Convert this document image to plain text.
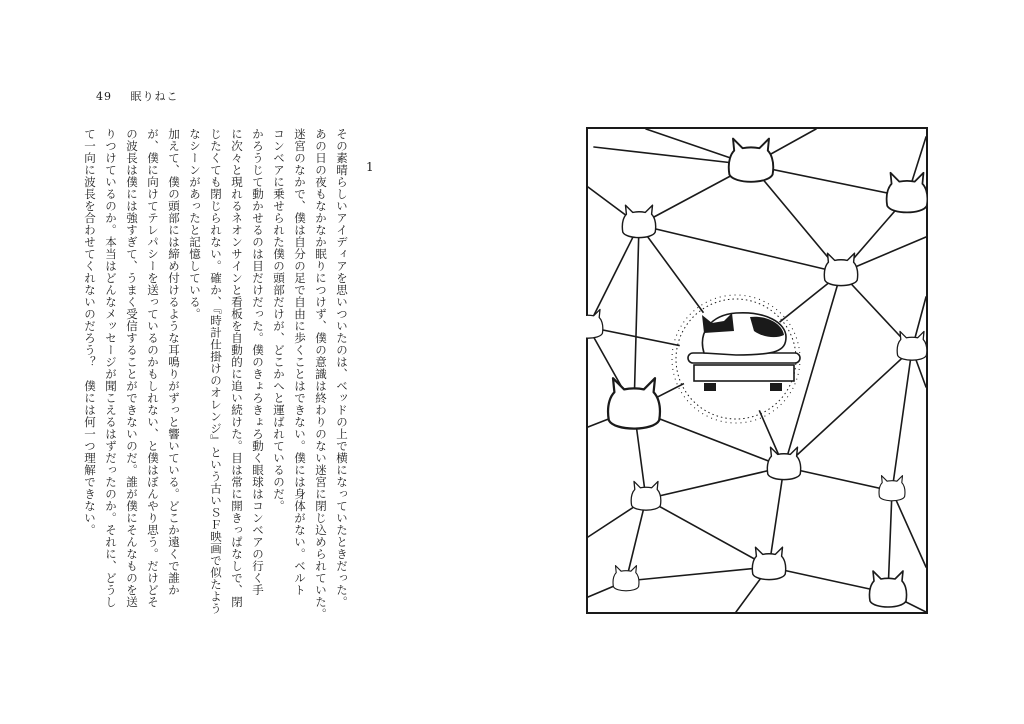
49 眠りねこ
1

その素晴らしいアイディアを思いついたのは、ベッドの上で横になっていたときだった。

あの日の夜もなかなか眠りにつけず、僕の意識は終わりのない迷宮に閉じ込められていた。

迷宮のなかで、僕は自分の足で自由に歩くことはできない。僕には身体がない。ベルト

コンベアに乗せられた僕の頭部だけが、どこかへと運ばれているのだ。

かろうじて動かせるのは目だけだった。僕のきょろきょろ動く眼球はコンベアの行く手

に次々と現れるネオンサインと看板を自動的に追い続けた。目は常に開きっぱなしで、閉

じたくても閉じられない。確か、『時計仕掛けのオレンジ』という古いＳＦ映画で似たよう

なシーンがあったと記憶している。

加えて、僕の頭部には締め付けるような耳鳴りがずっと響いている。どこか遠くで誰か

が、僕に向けてテレパシーを送っているのかもしれない、と僕はぼんやり思う。だけどそ

の波長は僕には強すぎて、うまく受信することができないのだ。誰が僕にそんなものを送

りつけているのか。本当はどんなメッセージが聞こえるはずだったのか。それに、どうし

て一向に波長を合わせてくれないのだろう？　僕には何一つ理解できない。
